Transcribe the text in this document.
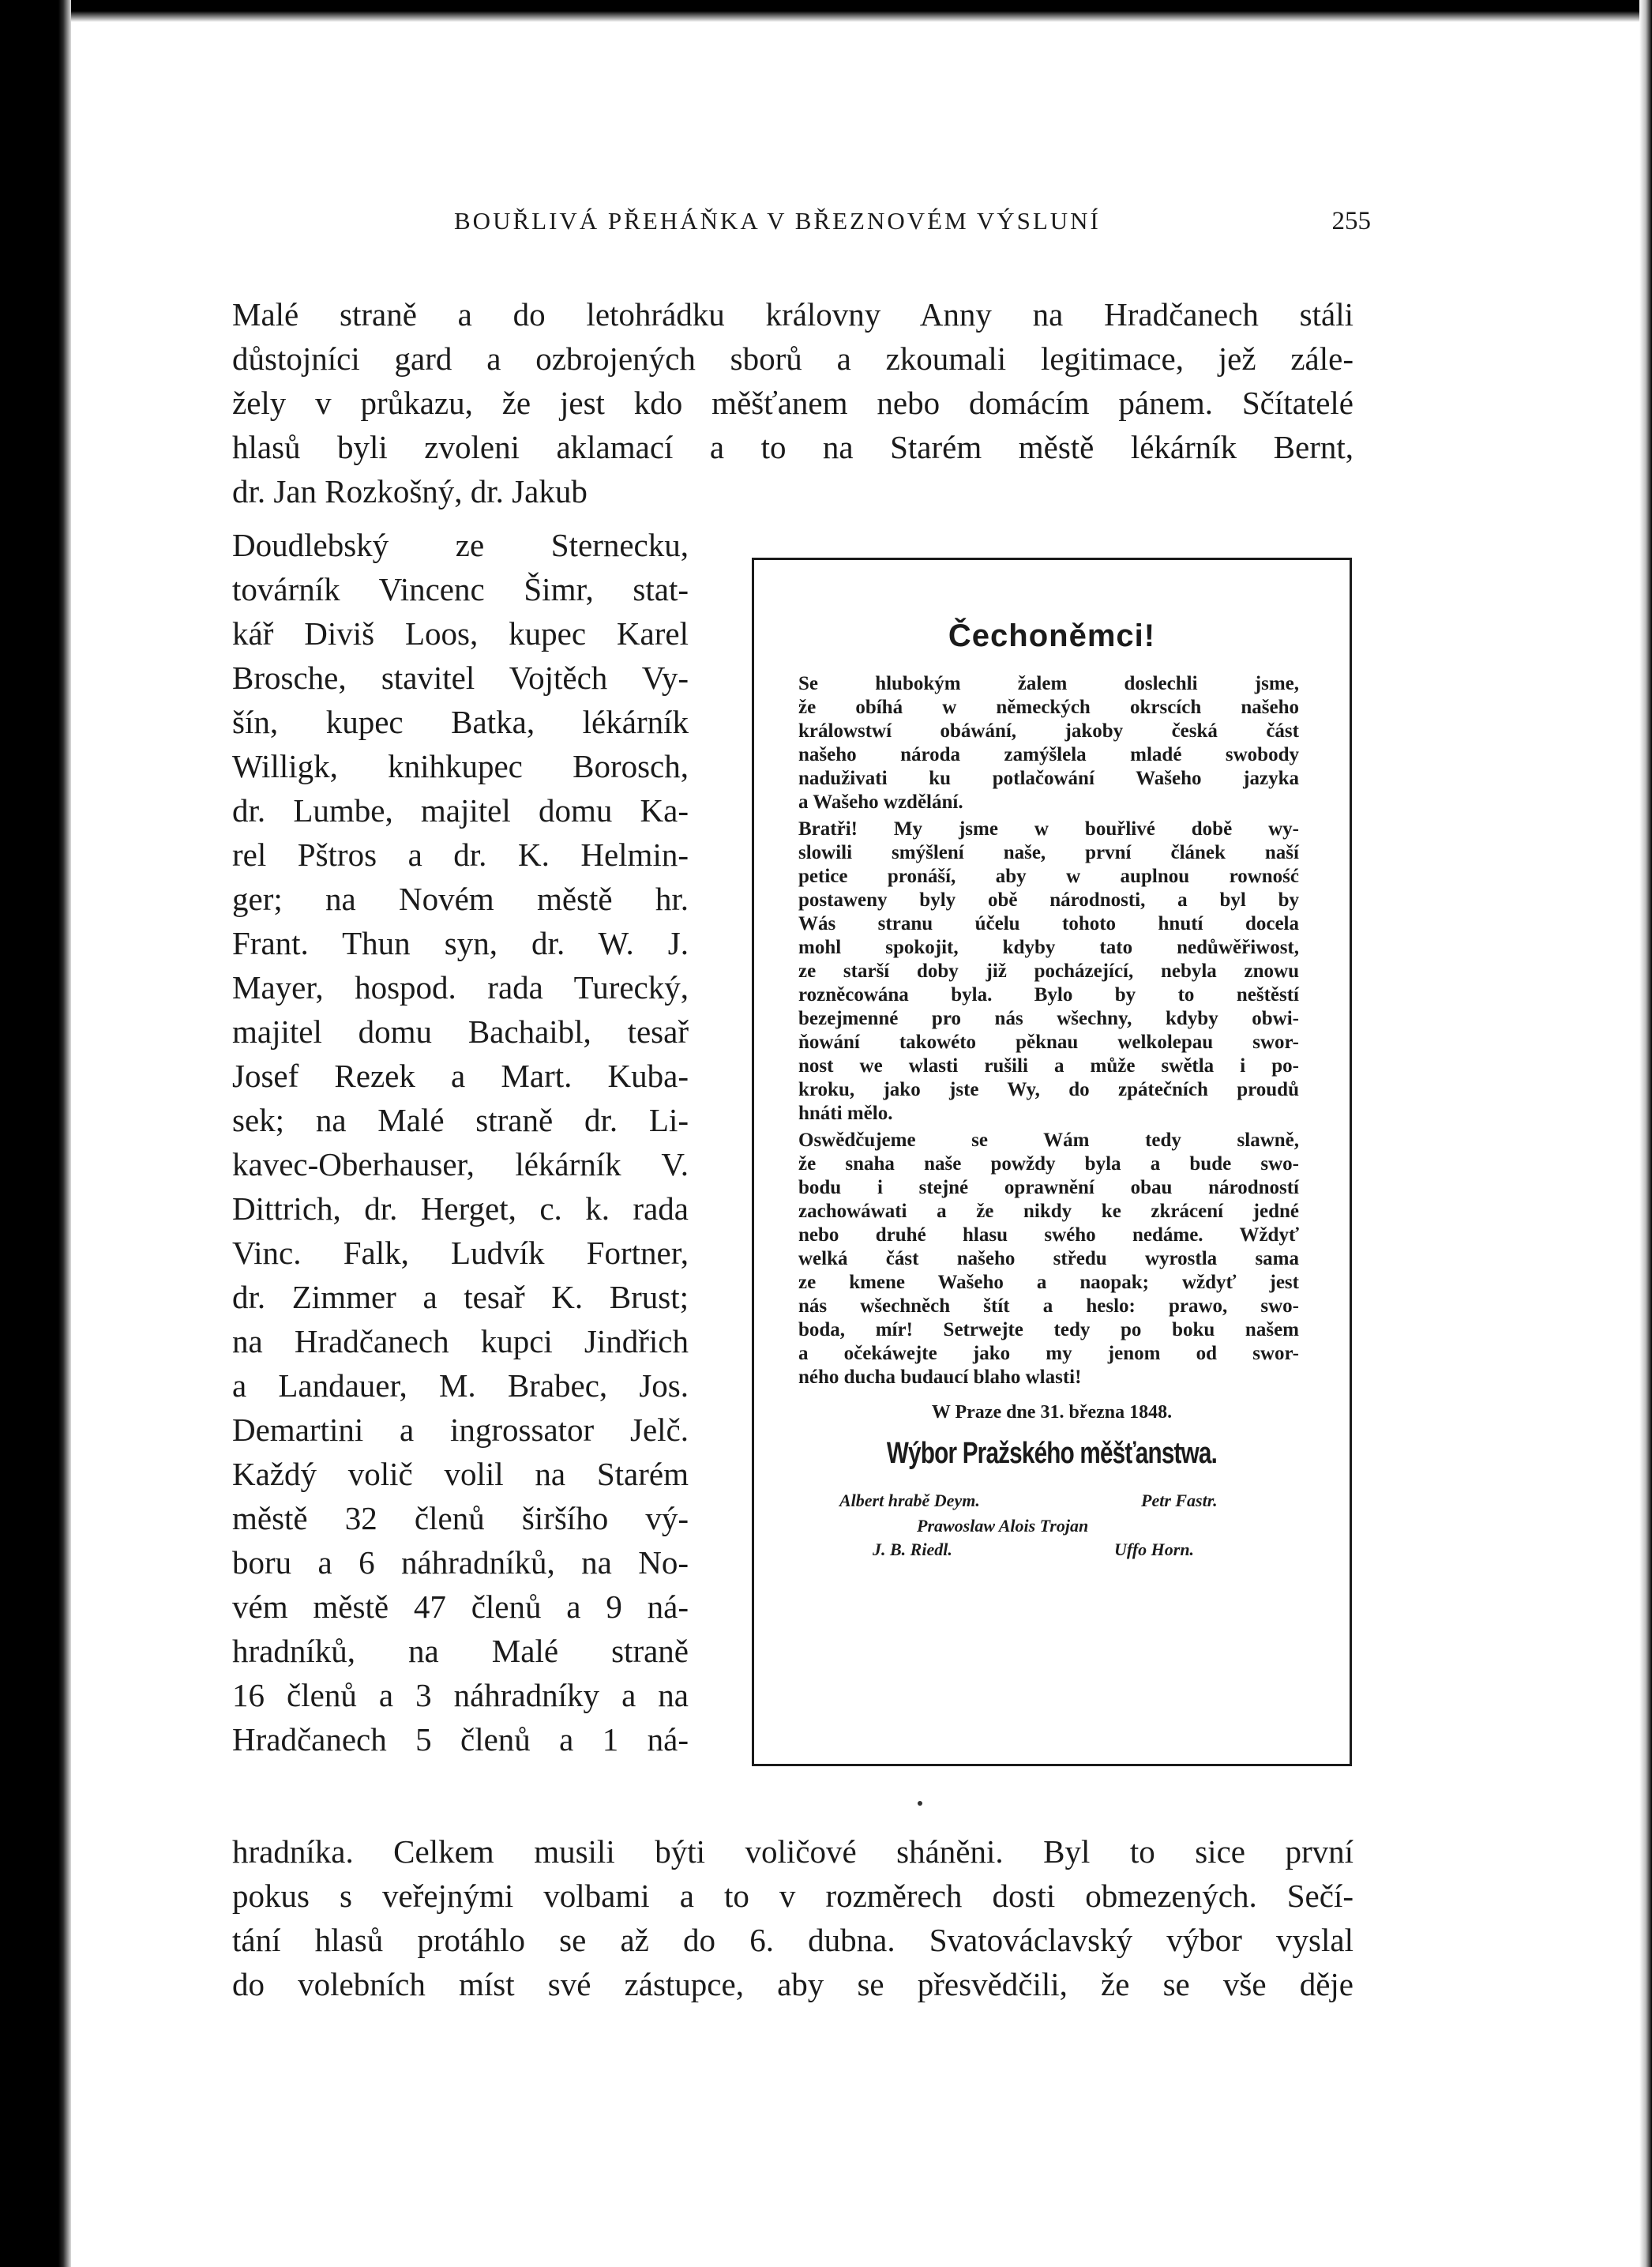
BOUŘLIVÁ PŘEHÁŇKA V BŘEZNOVÉM VÝSLUNÍ	255
Malé straně a do letohrádku královny Anny na Hradčanech stáli
důstojníci gard a ozbrojených sborů a zkoumali legitimace, jež zále-
žely v průkazu, že jest kdo měšťanem nebo domácím pánem. Sčítatelé
hlasů byli zvoleni aklamací a to na Starém městě lékárník Bernt,
dr. Jan Rozkošný, dr. Jakub
Doudlebský ze Sternecku,
továrník Vincenc Šimr, stat-
kář Diviš Loos, kupec Karel
Brosche, stavitel Vojtěch Vy-
šín, kupec Batka, lékárník
Willigk, knihkupec Borosch,
dr. Lumbe, majitel domu Ka-
rel Pštros a dr. K. Helmin-
ger; na Novém městě hr.
Frant. Thun syn, dr. W. J.
Mayer, hospod. rada Turecký,
majitel domu Bachaibl, tesař
Josef Rezek a Mart. Kuba-
sek; na Malé straně dr. Li-
kavec-Oberhauser, lékárník V.
Dittrich, dr. Herget, c. k. rada
Vinc. Falk, Ludvík Fortner,
dr. Zimmer a tesař K. Brust;
na Hradčanech kupci Jindřich
a Landauer, M. Brabec, Jos.
Demartini a ingrossator Jelč.
Každý volič volil na Starém
městě 32 členů širšího vý-
boru a 6 náhradníků, na No-
vém městě 47 členů a 9 ná-
hradníků, na Malé straně
16 členů a 3 náhradníky a na
Hradčanech 5 členů a 1 ná-
hradníka. Celkem musili býti voličové sháněni. Byl to sice první
pokus s veřejnými volbami a to v rozměrech dosti obmezených. Sečí-
tání hlasů protáhlo se až do 6. dubna. Svatováclavský výbor vyslal
do volebních míst své zástupce, aby se přesvědčili, že se vše děje
Čechoněmci!
Se hlubokým žalem doslechli jsme,
že obíhá w německých okrscích našeho
králowstwí obáwání, jakoby česká část
našeho národa zamýšlela mladé swobody
naduživati ku potlačowání Wašeho jazyka
a Wašeho wzdělání.
Bratři! My jsme w bouřlivé době wy-
slowili smýšlení naše, první článek naší
petice pronáší, aby w auplnou rowność
postaweny byly obě národnosti, a byl by
Wás stranu účelu tohoto hnutí docela
mohl spokojit, kdyby tato nedůwěřiwost,
ze starší doby již pocházející, nebyla znowu
rozněcowána byla. Bylo by to neštěstí
bezejmenné pro nás wšechny, kdyby obwi-
ňowání takowéto pěknau welkolepau swor-
nost we wlasti rušili a může swětla i po-
kroku, jako jste Wy, do zpátečních proudů
hnáti mělo.
Oswědčujeme se Wám tedy slawně,
že snaha naše powždy byla a bude swo-
bodu i stejné oprawnění obau národností
zachowáwati a že nikdy ke zkrácení jedné
nebo druhé hlasu swého nedáme. Wždyť
welká část našeho středu wyrostla sama
ze kmene Wašeho a naopak; wždyť jest
nás wšechněch štít a heslo: prawo, swo-
boda, mír! Setrwejte tedy po boku našem
a očekáwejte jako my jenom od swor-
ného ducha budaucí blaho wlasti!
W Praze dne 31. března 1848.
Wýbor Pražského měšťanstwa.
Albert hrabě Deym.	Petr Fastr.
Prawoslaw Alois Trojan
J. B. Riedl.	Uffo Horn.
